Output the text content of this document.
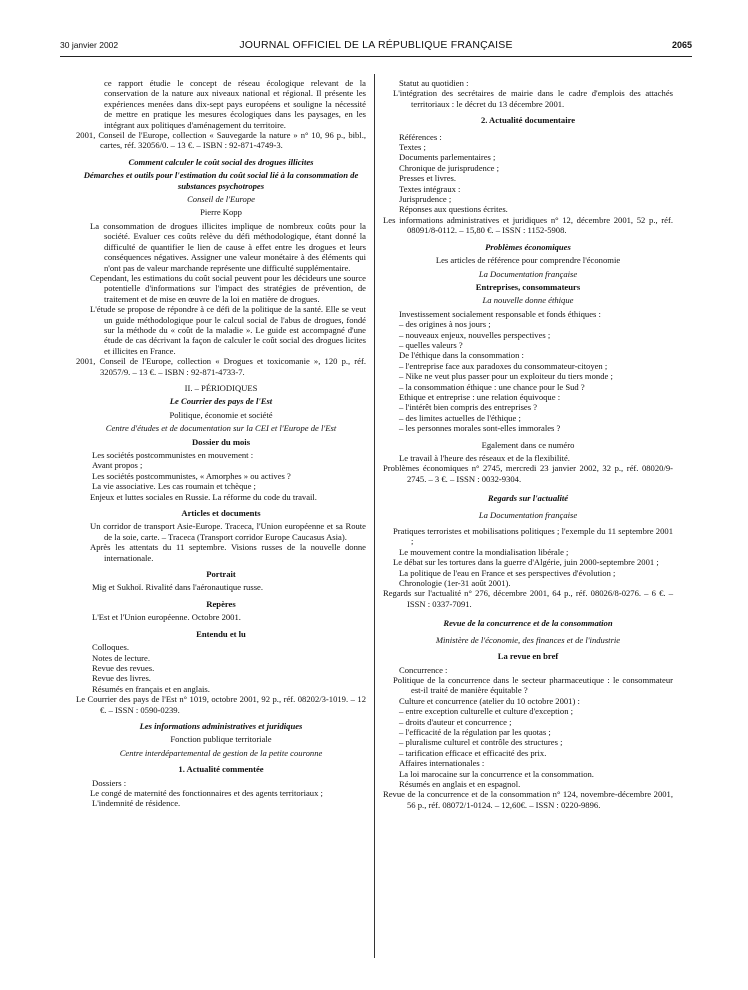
30 janvier 2002	JOURNAL OFFICIEL DE LA RÉPUBLIQUE FRANÇAISE	2065

ce rapport étudie le concept de réseau écologique relevant de la conservation de la nature aux niveaux national et régional. Il présente les expériences menées dans dix-sept pays européens et souligne la nécessité de mettre en pratique les mesures écologiques dans les paysages, en les intégrant aux politiques d'aménagement du territoire.

2001, Conseil de l'Europe, collection « Sauvegarde la nature » n° 10, 96 p., bibl., cartes, réf. 32056/0. – 13 €. – ISBN : 92-871-4749-3.

Comment calculer le coût social des drogues illicites

Démarches et outils pour l'estimation du coût social lié à la consommation de substances psychotropes

Conseil de l'Europe

Pierre Kopp

La consommation de drogues illicites implique de nombreux coûts pour la société. Evaluer ces coûts relève du défi méthodologique, étant donné la difficulté de quantifier le lien de cause à effet entre les drogues et leurs conséquences négatives. Assigner une valeur monétaire à des éléments qui n'ont pas de valeur marchande représente une difficulté supplémentaire.

Cependant, les estimations du coût social peuvent pour les décideurs une source potentielle d'informations sur l'impact des stratégies de prévention, de traitement et de mise en œuvre de la loi en matière de drogues.

L'étude se propose de répondre à ce défi de la politique de la santé. Elle se veut un guide méthodologique pour le calcul social de l'abus de drogues, fondé sur la méthode du « coût de la maladie ». Le guide est accompagné d'une étude de cas décrivant la façon de calculer le coût social des drogues licites et illicites en France.

2001, Conseil de l'Europe, collection « Drogues et toxicomanie », 120 p., réf. 32057/9. – 13 €. – ISBN : 92-871-4733-7.

II. – PÉRIODIQUES

Le Courrier des pays de l'Est

Politique, économie et société

Centre d'études et de documentation sur la CEI et l'Europe de l'Est

Dossier du mois

Les sociétés postcommunistes en mouvement :

Avant propos ;

Les sociétés postcommunistes, « Amorphes » ou actives ?

La vie associative. Les cas roumain et tchèque ;

Enjeux et luttes sociales en Russie. La réforme du code du travail.

Articles et documents

Un corridor de transport Asie-Europe. Traceca, l'Union européenne et sa Route de la soie, carte. – Traceca (Transport corridor Europe Caucasus Asia).

Après les attentats du 11 septembre. Visions russes de la nouvelle donne internationale.

Portrait

Mig et Sukhoï. Rivalité dans l'aéronautique russe.

Repères

L'Est et l'Union européenne. Octobre 2001.

Entendu et lu

Colloques.

Notes de lecture.

Revue des revues.

Revue des livres.

Résumés en français et en anglais.

Le Courrier des pays de l'Est n° 1019, octobre 2001, 92 p., réf. 08202/3-1019. – 12 €. – ISSN : 0590-0239.

Les informations administratives et juridiques

Fonction publique territoriale

Centre interdépartemental de gestion de la petite couronne

1. Actualité commentée

Dossiers :

Le congé de maternité des fonctionnaires et des agents territoriaux ;

L'indemnité de résidence.

Statut au quotidien :

L'intégration des secrétaires de mairie dans le cadre d'emplois des attachés territoriaux : le décret du 13 décembre 2001.

2. Actualité documentaire

Références :

Textes ;

Documents parlementaires ;

Chronique de jurisprudence ;

Presses et livres.

Textes intégraux :

Jurisprudence ;

Réponses aux questions écrites.

Les informations administratives et juridiques n° 12, décembre 2001, 52 p., réf. 08091/8-0112. – 15,80 €. – ISSN : 1152-5908.

Problèmes économiques

Les articles de référence pour comprendre l'économie

La Documentation française

Entreprises, consommateurs

La nouvelle donne éthique

Investissement socialement responsable et fonds éthiques :

– des origines à nos jours ;

– nouveaux enjeux, nouvelles perspectives ;

– quelles valeurs ?

De l'éthique dans la consommation :

– l'entreprise face aux paradoxes du consommateur-citoyen ;

– Nike ne veut plus passer pour un exploiteur du tiers monde ;

– la consommation éthique : une chance pour le Sud ?

Ethique et entreprise : une relation équivoque :

– l'intérêt bien compris des entreprises ?

– des limites actuelles de l'éthique ;

– les personnes morales sont-elles immorales ?

Egalement dans ce numéro

Le travail à l'heure des réseaux et de la flexibilité.

Problèmes économiques n° 2745, mercredi 23 janvier 2002, 32 p., réf. 08020/9-2745. – 3 €. – ISSN : 0032-9304.

Regards sur l'actualité

La Documentation française

Pratiques terroristes et mobilisations politiques ; l'exemple du 11 septembre 2001 ;

Le mouvement contre la mondialisation libérale ;

Le débat sur les tortures dans la guerre d'Algérie, juin 2000-septembre 2001 ;

La politique de l'eau en France et ses perspectives d'évolution ;

Chronologie (1er-31 août 2001).

Regards sur l'actualité n° 276, décembre 2001, 64 p., réf. 08026/8-0276. – 6 €. – ISSN : 0337-7091.

Revue de la concurrence et de la consommation

Ministère de l'économie, des finances et de l'industrie

La revue en bref

Concurrence :

Politique de la concurrence dans le secteur pharmaceutique : le consommateur est-il traité de manière équitable ?

Culture et concurrence (atelier du 10 octobre 2001) :

– entre exception culturelle et culture d'exception ;

– droits d'auteur et concurrence ;

– l'efficacité de la régulation par les quotas ;

– pluralisme culturel et contrôle des structures ;

– tarification efficace et efficacité des prix.

Affaires internationales :

La loi marocaine sur la concurrence et la consommation.

Résumés en anglais et en espagnol.

Revue de la concurrence et de la consommation n° 124, novembre-décembre 2001, 56 p., réf. 08072/1-0124. – 12,60€. – ISSN : 0220-9896.
